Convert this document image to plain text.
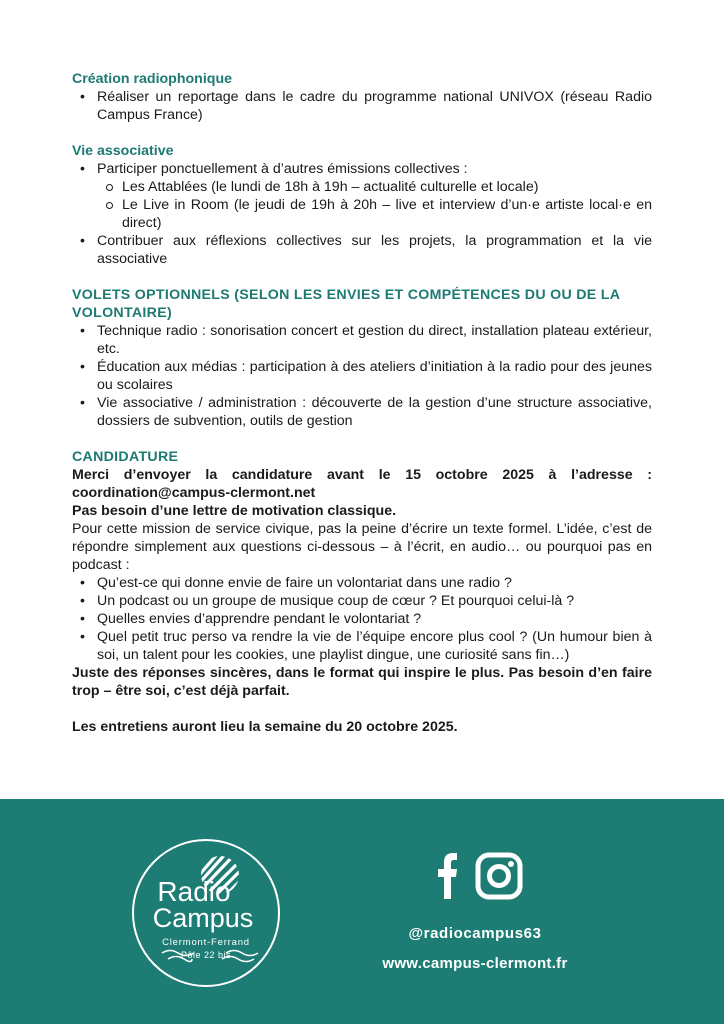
Création radiophonique
• Réaliser un reportage dans le cadre du programme national UNIVOX (réseau Radio Campus France)
Vie associative
• Participer ponctuellement à d’autres émissions collectives :
Les Attablées (le lundi de 18h à 19h – actualité culturelle et locale)
Le Live in Room (le jeudi de 19h à 20h – live et interview d’un·e artiste local·e en direct)
• Contribuer aux réflexions collectives sur les projets, la programmation et la vie associative
VOLETS OPTIONNELS (SELON LES ENVIES ET COMPÉTENCES DU OU DE LA VOLONTAIRE)
• Technique radio : sonorisation concert et gestion du direct, installation plateau extérieur, etc.
• Éducation aux médias : participation à des ateliers d’initiation à la radio pour des jeunes ou scolaires
• Vie associative / administration : découverte de la gestion d’une structure associative, dossiers de subvention, outils de gestion
CANDIDATURE

Merci d’envoyer la candidature avant le 15 octobre 2025 à l’adresse : coordination@campus-clermont.net

Pas besoin d’une lettre de motivation classique.

Pour cette mission de service civique, pas la peine d’écrire un texte formel. L’idée, c’est de répondre simplement aux questions ci-dessous – à l’écrit, en audio… ou pourquoi pas en podcast :

• Qu’est-ce qui donne envie de faire un volontariat dans une radio ?
• Un podcast ou un groupe de musique coup de cœur ? Et pourquoi celui-là ?
• Quelles envies d’apprendre pendant le volontariat ?
• Quel petit truc perso va rendre la vie de l’équipe encore plus cool ? (Un humour bien à soi, un talent pour les cookies, une playlist dingue, une curiosité sans fin…)

Juste des réponses sincères, dans le format qui inspire le plus. Pas besoin d’en faire trop – être soi, c’est déjà parfait.

Les entretiens auront lieu la semaine du 20 octobre 2025.

Radio
Campus
Clermont-Ferrand
Pôle 22 bis
@radiocampus63
www.campus-clermont.fr
